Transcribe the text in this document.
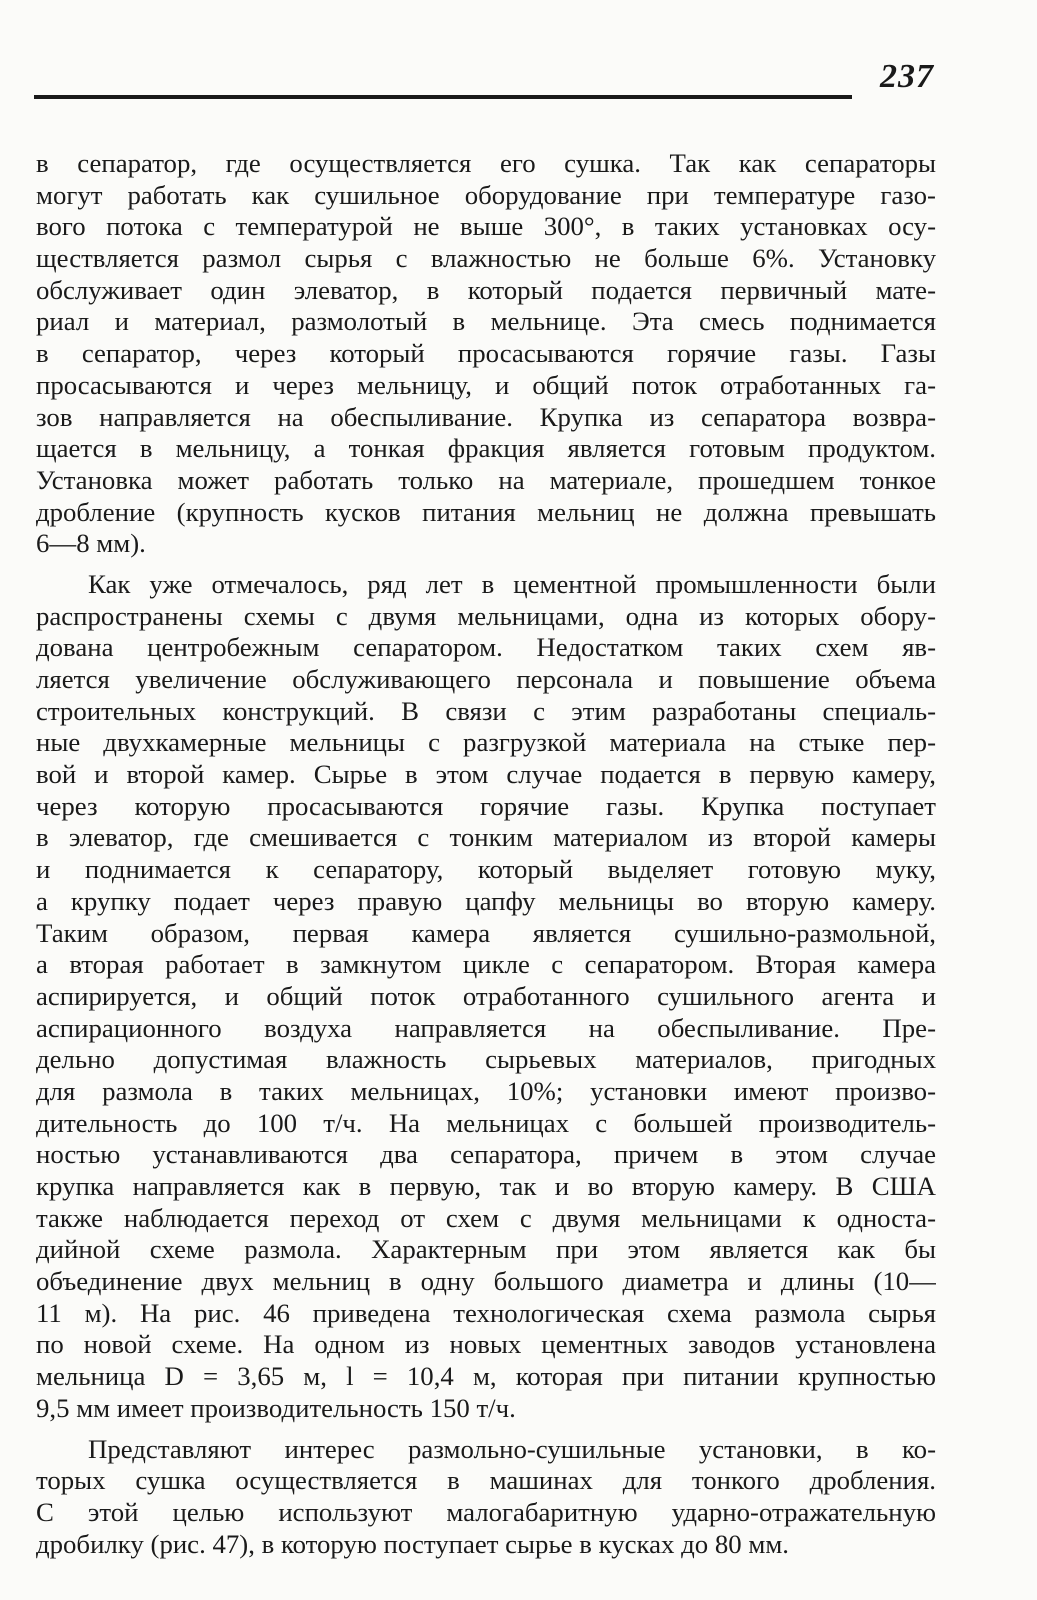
237
в сепаратор, где осуществляется его сушка. Так как сепараторы
могут работать как сушильное оборудование при температуре газо-
вого потока с температурой не выше 300°, в таких установках осу-
ществляется размол сырья с влажностью не больше 6%. Установку
обслуживает один элеватор, в который подается первичный мате-
риал и материал, размолотый в мельнице. Эта смесь поднимается
в сепаратор, через который просасываются горячие газы. Газы
просасываются и через мельницу, и общий поток отработанных га-
зов направляется на обеспыливание. Крупка из сепаратора возвра-
щается в мельницу, а тонкая фракция является готовым продуктом.
Установка может работать только на материале, прошедшем тонкое
дробление (крупность кусков питания мельниц не должна превышать
6—8 мм).
Как уже отмечалось, ряд лет в цементной промышленности были
распространены схемы с двумя мельницами, одна из которых обору-
дована центробежным сепаратором. Недостатком таких схем яв-
ляется увеличение обслуживающего персонала и повышение объема
строительных конструкций. В связи с этим разработаны специаль-
ные двухкамерные мельницы с разгрузкой материала на стыке пер-
вой и второй камер. Сырье в этом случае подается в первую камеру,
через которую просасываются горячие газы. Крупка поступает
в элеватор, где смешивается с тонким материалом из второй камеры
и поднимается к сепаратору, который выделяет готовую муку,
а крупку подает через правую цапфу мельницы во вторую камеру.
Таким образом, первая камера является сушильно-размольной,
а вторая работает в замкнутом цикле с сепаратором. Вторая камера
аспирируется, и общий поток отработанного сушильного агента и
аспирационного воздуха направляется на обеспыливание. Пре-
дельно допустимая влажность сырьевых материалов, пригодных
для размола в таких мельницах, 10%; установки имеют произво-
дительность до 100 т/ч. На мельницах с большей производитель-
ностью устанавливаются два сепаратора, причем в этом случае
крупка направляется как в первую, так и во вторую камеру. В США
также наблюдается переход от схем с двумя мельницами к односта-
дийной схеме размола. Характерным при этом является как бы
объединение двух мельниц в одну большого диаметра и длины (10—
11 м). На рис. 46 приведена технологическая схема размола сырья
по новой схеме. На одном из новых цементных заводов установлена
мельница D = 3,65 м, l = 10,4 м, которая при питании крупностью
9,5 мм имеет производительность 150 т/ч.
Представляют интерес размольно-сушильные установки, в ко-
торых сушка осуществляется в машинах для тонкого дробления.
С этой целью используют малогабаритную ударно-отражательную
дробилку (рис. 47), в которую поступает сырье в кусках до 80 мм.
